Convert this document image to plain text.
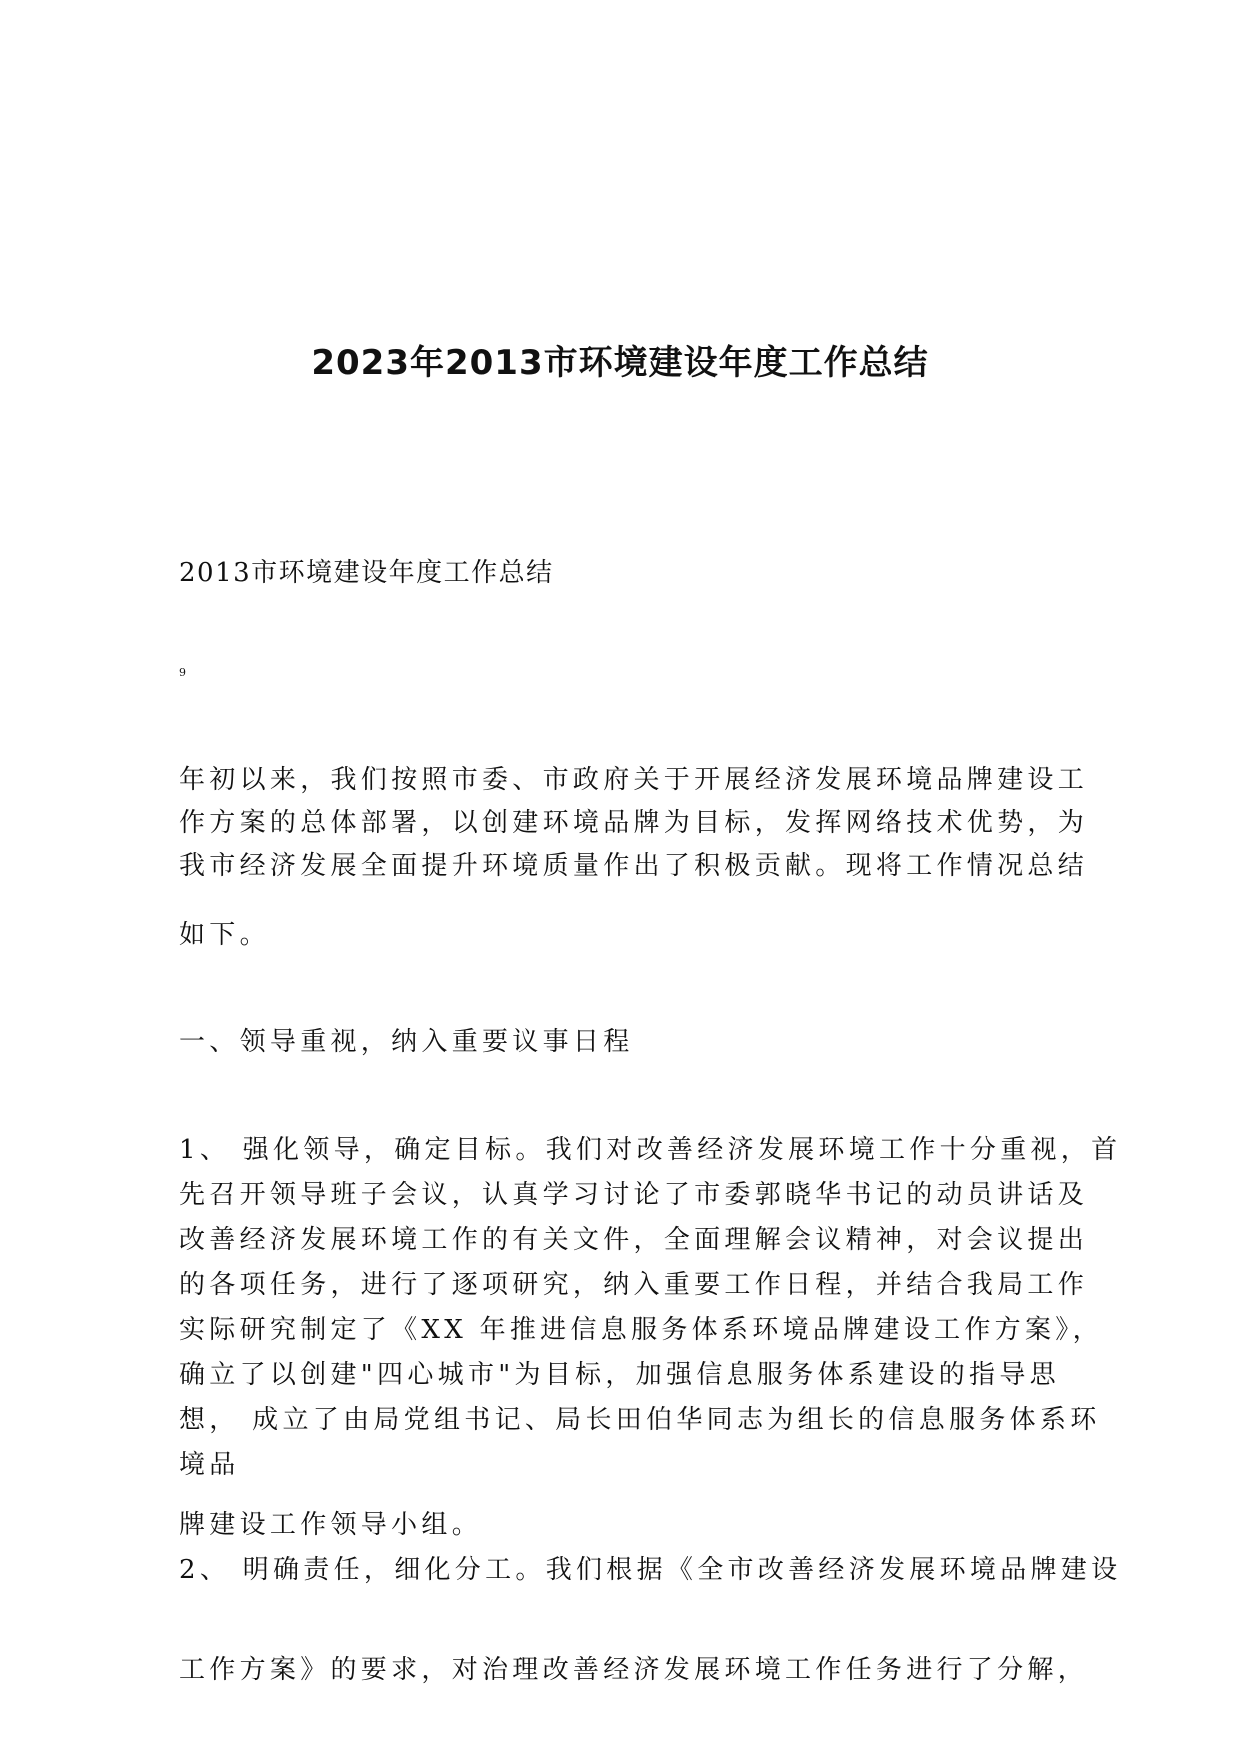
2023年2013市环境建设年度工作总结

2013市环境建设年度工作总结

9

年初以来，我们按照市委、市政府关于开展经济发展环境品牌建设工

作方案的总体部署，以创建环境品牌为目标，发挥网络技术优势，为

我市经济发展全面提升环境质量作出了积极贡献。现将工作情况总结

如下。

一、领导重视，纳入重要议事日程

1、 强化领导，确定目标。我们对改善经济发展环境工作十分重视，首

先召开领导班子会议，认真学习讨论了市委郭晓华书记的动员讲话及

改善经济发展环境工作的有关文件，全面理解会议精神，对会议提出

的各项任务，进行了逐项研究，纳入重要工作日程，并结合我局工作

实际研究制定了《XX 年推进信息服务体系环境品牌建设工作方案》，

确立了以创建"四心城市"为目标，加强信息服务体系建设的指导思

想， 成立了由局党组书记、局长田伯华同志为组长的信息服务体系环

境品

牌建设工作领导小组。

2、 明确责任，细化分工。我们根据《全市改善经济发展环境品牌建设

工作方案》的要求，对治理改善经济发展环境工作任务进行了分解，
